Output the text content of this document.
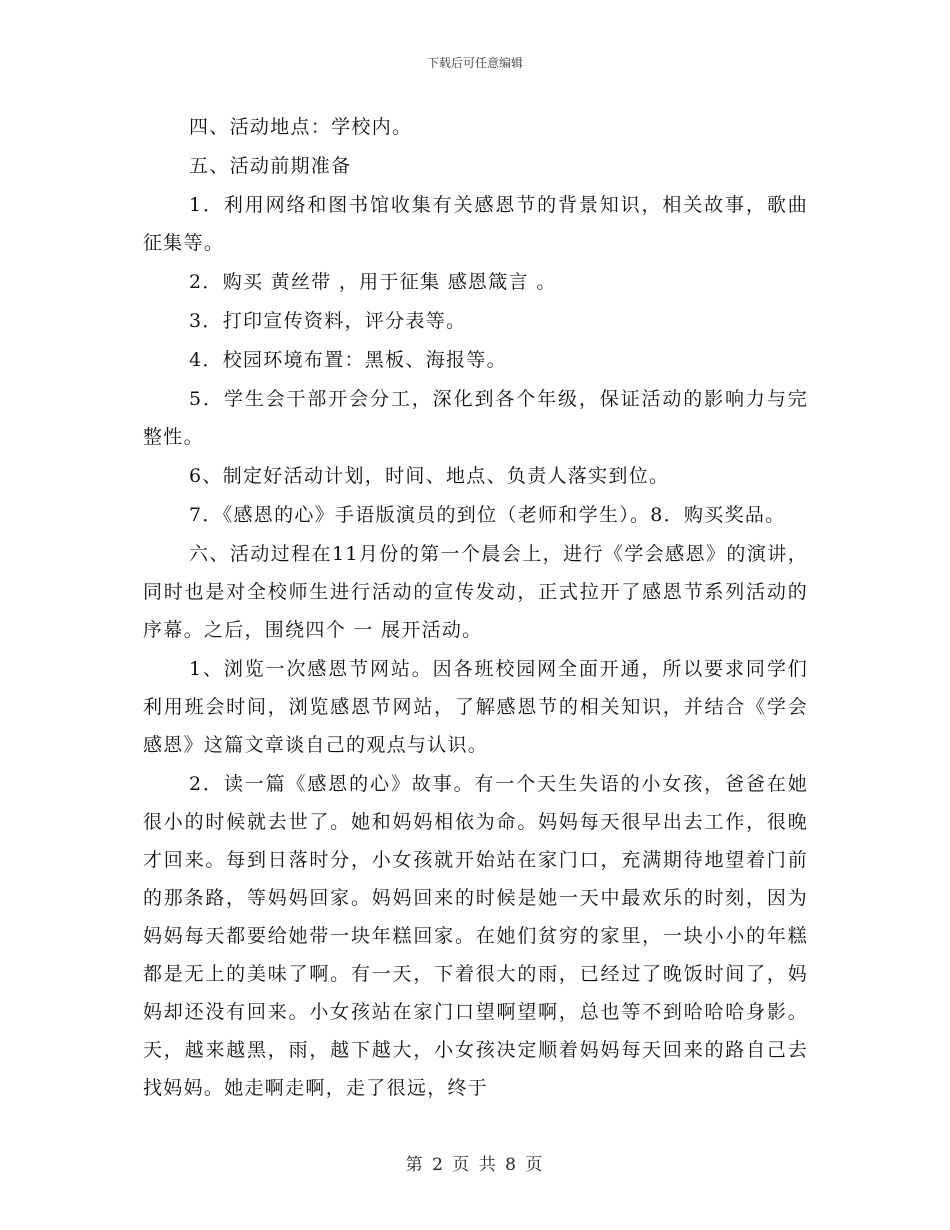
下载后可任意编辑

四、活动地点：学校内。

五、活动前期准备

1．利用网络和图书馆收集有关感恩节的背景知识，相关故事，歌曲征集等。

2．购买 黄丝带 ，用于征集 感恩箴言 。

3．打印宣传资料，评分表等。

4．校园环境布置：黑板、海报等。

5．学生会干部开会分工，深化到各个年级，保证活动的影响力与完整性。

6、制定好活动计划，时间、地点、负责人落实到位。

7．《感恩的心》手语版演员的到位（老师和学生）。8．购买奖品。

六、活动过程在11月份的第一个晨会上，进行《学会感恩》的演讲，同时也是对全校师生进行活动的宣传发动，正式拉开了感恩节系列活动的序幕。之后，围绕四个 一 展开活动。

1、浏览一次感恩节网站。因各班校园网全面开通，所以要求同学们利用班会时间，浏览感恩节网站，了解感恩节的相关知识，并结合《学会感恩》这篇文章谈自己的观点与认识。

2．读一篇《感恩的心》故事。有一个天生失语的小女孩，爸爸在她很小的时候就去世了。她和妈妈相依为命。妈妈每天很早出去工作，很晚才回来。每到日落时分，小女孩就开始站在家门口，充满期待地望着门前的那条路，等妈妈回家。妈妈回来的时候是她一天中最欢乐的时刻，因为妈妈每天都要给她带一块年糕回家。在她们贫穷的家里，一块小小的年糕都是无上的美味了啊。有一天，下着很大的雨，已经过了晚饭时间了，妈妈却还没有回来。小女孩站在家门口望啊望啊，总也等不到哈哈哈身影。天，越来越黑，雨，越下越大，小女孩决定顺着妈妈每天回来的路自己去找妈妈。她走啊走啊，走了很远，终于

第 2 页 共 8 页
